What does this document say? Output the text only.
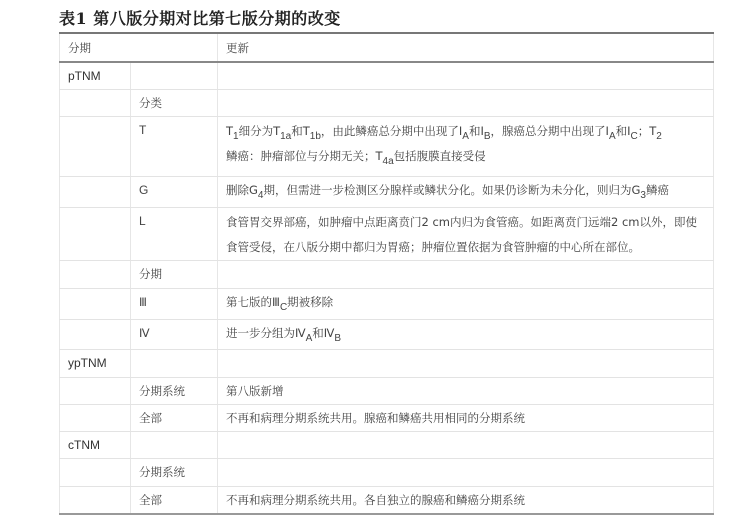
表1 第八版分期对比第七版分期的改变
分期		更新
pTNM		
	分类	
	T	$T_1$细分为$T_{1a}$和$T_{1b}$，由此鳞癌总分期中出现了$Ⅰ_A$和$Ⅰ_B$，腺癌总分期中出现了$Ⅰ_A$和$Ⅰ_C$；$T_2$
鳞癌：肿瘤部位与分期无关；$T_{4a}$包括腹膜直接受侵

	G	删除$G_4$期，但需进一步检测区分腺样或鳞状分化。如果仍诊断为未分化，则归为$G_3$鳞癌

	L	食管胃交界部癌，如肿瘤中点距离贲门2 cm内归为食管癌。如距离贲门远端2 cm以外，即使
食管受侵，在八版分期中都归为胃癌；肿瘤位置依据为食管肿瘤的中心所在部位。

	分期	
	Ⅲ	第七版的$Ⅲ_C$期被移除

	Ⅳ	进一步分组为$Ⅳ_A$和$Ⅳ_B$

ypTNM		
	分期系统	第八版新增

	全部	不再和病理分期系统共用。腺癌和鳞癌共用相同的分期系统

cTNM		
	分期系统	
	全部	不再和病理分期系统共用。各自独立的腺癌和鳞癌分期系统
